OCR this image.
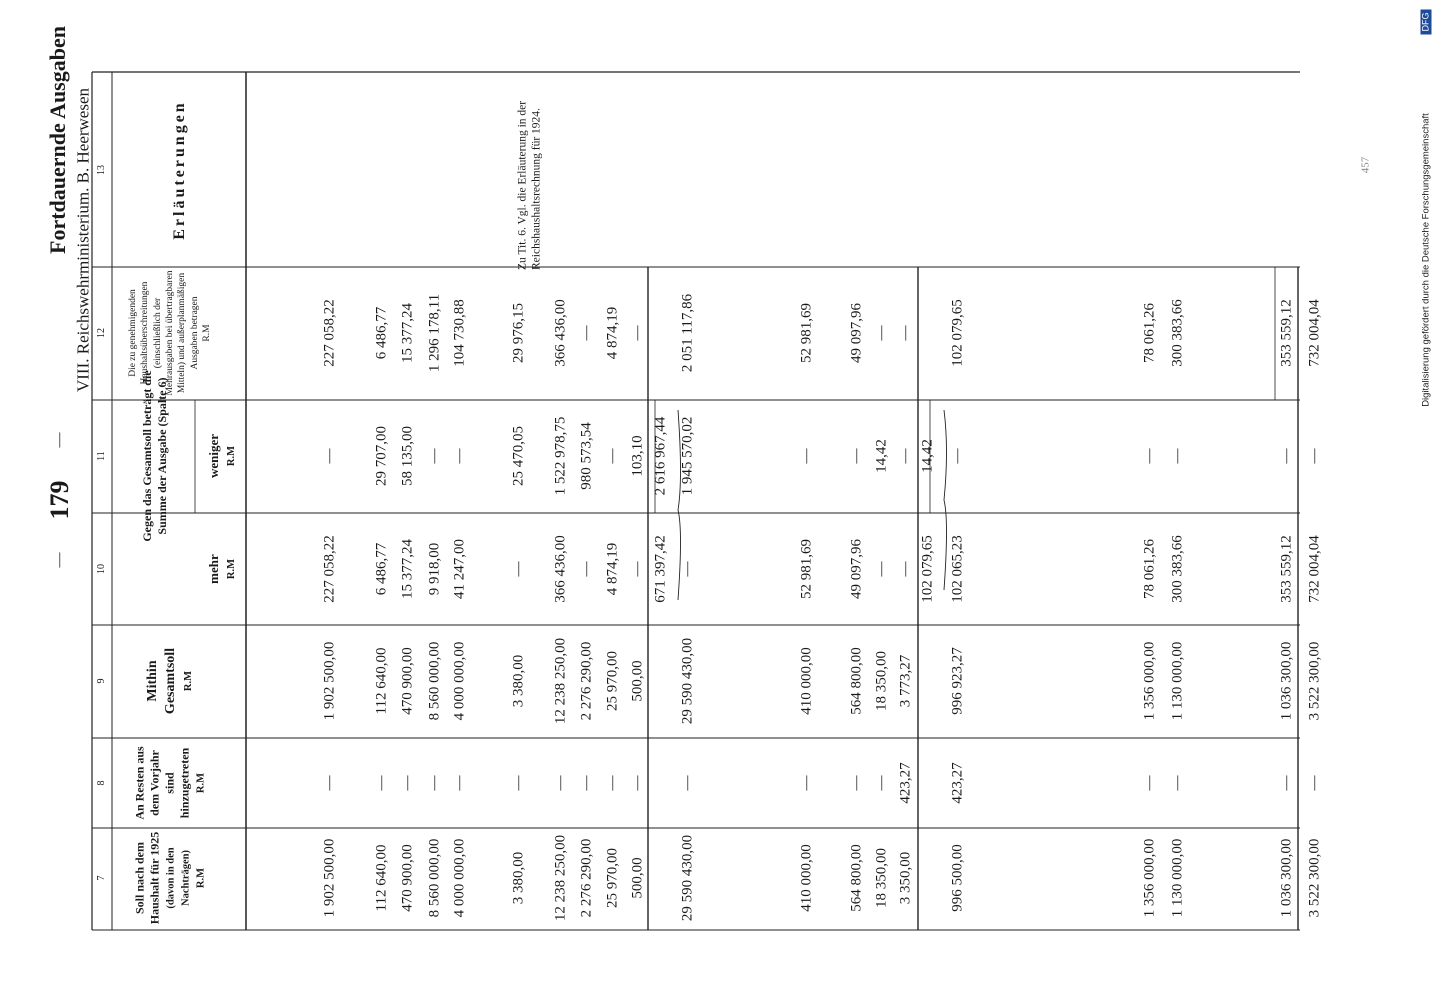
179
—
—
Fortdauernde Ausgaben VIII. Reichswehrministerium. B. Heerwesen
7
8
9
10
11
12
13
Soll nach dem Haushalt für 1925 (davon in den Nachträgen) R.M
An Resten aus dem Vorjahr sind hinzugetreten R.M
Mithin Gesamtsoll R.M
Gegen das Gesamtsoll beträgt die Summe der Ausgabe (Spalte 6)
mehr R.M
weniger R.M
Die zu genehmigenden Haushaltsüberschreitungen (einschließlich der Mehrausgaben bei übertragbaren Mitteln) und außerplanmäßigen Ausgaben betragen R.M
Erläuterungen	Zu Tit. 6. Vgl. die Erläuterung in der Reichshaushaltsrechnung für 1924.
1 902 500,00
—
1 902 500,00
227 058,22
—
227 058,22
112 640,00
—
112 640,00
6 486,77
29 707,00
6 486,77
470 900,00
—
470 900,00
15 377,24
58 135,00
15 377,24
8 560 000,00
—
8 560 000,00
9 918,00
—
1 296 178,11
4 000 000,00
—
4 000 000,00
41 247,00
—
104 730,88
3 380,00
—
3 380,00
—
25 470,05
29 976,15
12 238 250,00
—
12 238 250,00
366 436,00
1 522 978,75
366 436,00
2 276 290,00
—
2 276 290,00
—
980 573,54
—
25 970,00
—
25 970,00
4 874,19
—
4 874,19
500,00
—
500,00
—
103,10
—
671 397,42
2 616 967,44
29 590 430,00
—
29 590 430,00
—
1 945 570,02
2 051 117,86
410 000,00
—
410 000,00
52 981,69
—
52 981,69
564 800,00
—
564 800,00
49 097,96
—
49 097,96
18 350,00
—
18 350,00
—
14,42
—
3 350,00
423,27
3 773,27
—
—
—
102 079,65
14,42
996 500,00
423,27
996 923,27
102 065,23
—
102 079,65
1 356 000,00
—
1 356 000,00
78 061,26
—
78 061,26
1 130 000,00
—
1 130 000,00
300 383,66
—
300 383,66
1 036 300,00
—
1 036 300,00
353 559,12
—
353 559,12
3 522 300,00
—
3 522 300,00
732 004,04
—
732 004,04
457	Digitalisierung gefördert durch die Deutsche Forschungsgemeinschaft
DFG
